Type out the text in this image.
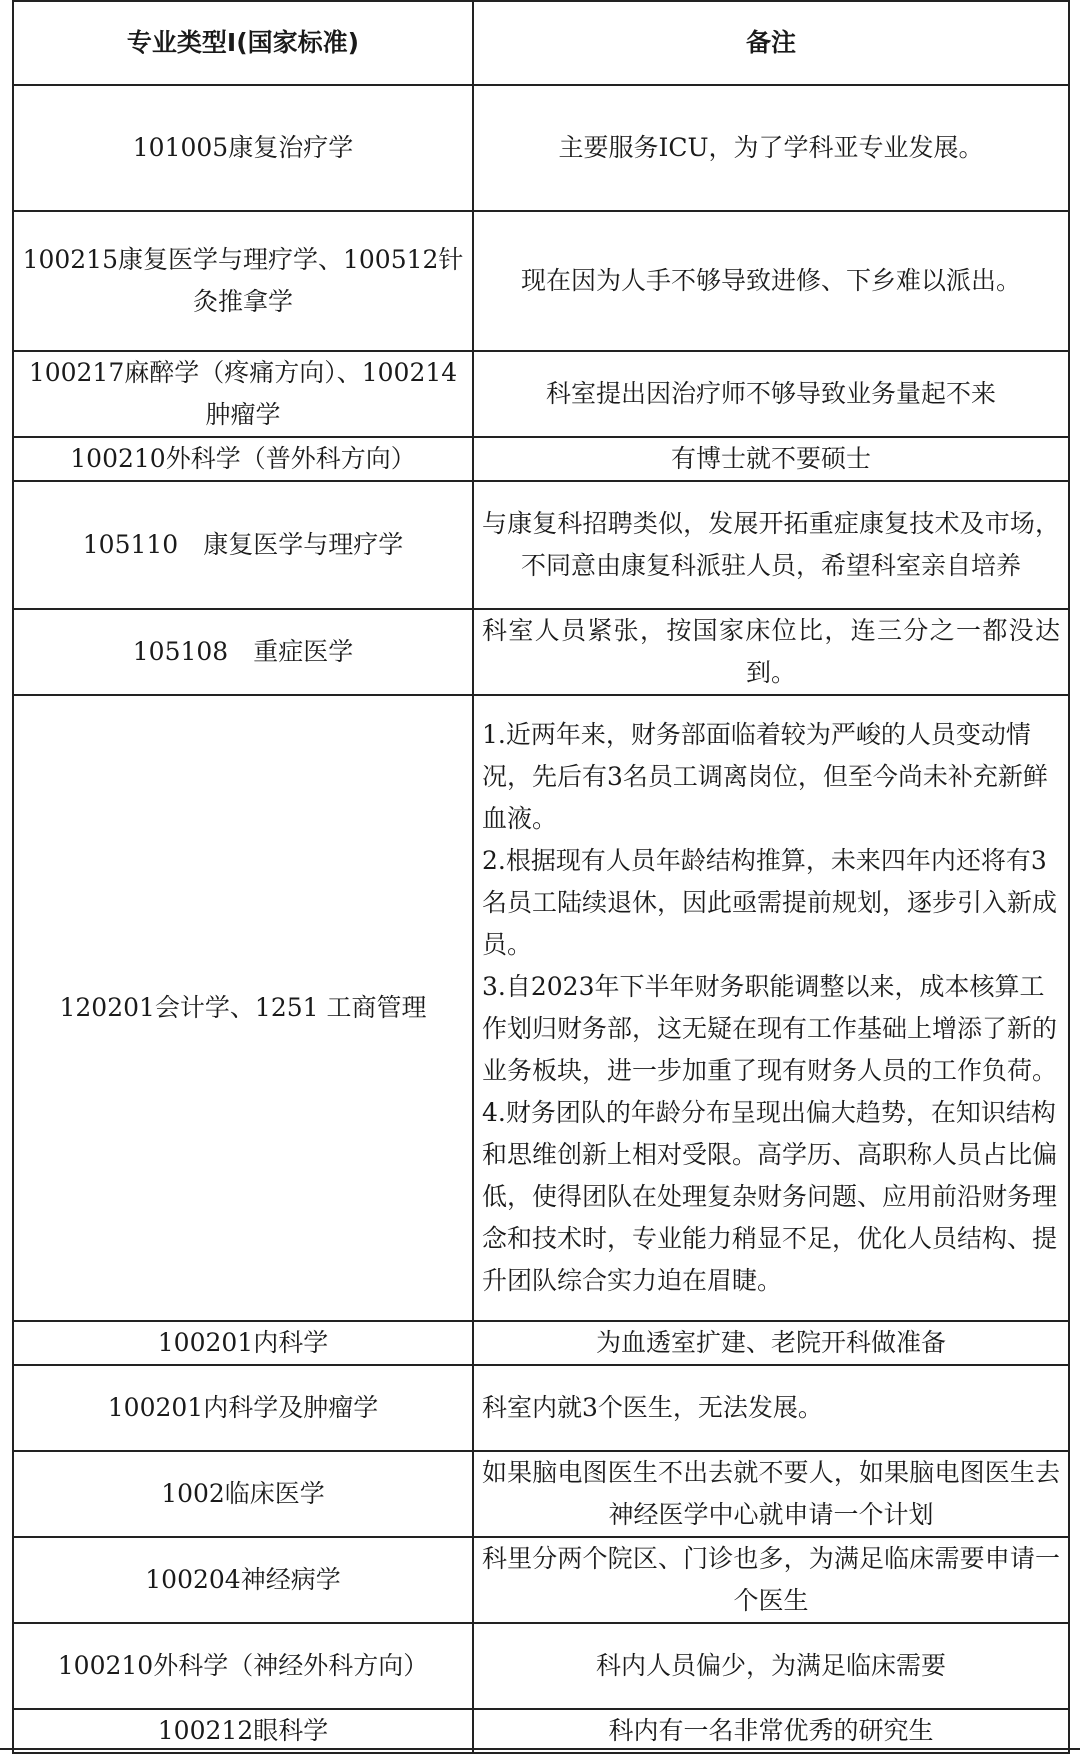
专业类型I(国家标准)	备注
101005康复治疗学	主要服务ICU，为了学科亚专业发展。
100215康复医学与理疗学、100512针灸推拿学	现在因为人手不够导致进修、下乡难以派出。
100217麻醉学（疼痛方向）、100214肿瘤学	科室提出因治疗师不够导致业务量起不来
100210外科学（普外科方向）	有博士就不要硕士
105110　康复医学与理疗学	与康复科招聘类似，发展开拓重症康复技术及市场，不同意由康复科派驻人员，希望科室亲自培养
105108　重症医学	科室人员紧张，按国家床位比，连三分之一都没达到。
120201会计学、1251 工商管理	1.近两年来，财务部面临着较为严峻的人员变动情况，先后有3名员工调离岗位，但至今尚未补充新鲜血液。
2.根据现有人员年龄结构推算，未来四年内还将有3名员工陆续退休，因此亟需提前规划，逐步引入新成员。
3.自2023年下半年财务职能调整以来，成本核算工作划归财务部，这无疑在现有工作基础上增添了新的业务板块，进一步加重了现有财务人员的工作负荷。
4.财务团队的年龄分布呈现出偏大趋势，在知识结构和思维创新上相对受限。高学历、高职称人员占比偏低，使得团队在处理复杂财务问题、应用前沿财务理念和技术时，专业能力稍显不足，优化人员结构、提升团队综合实力迫在眉睫。

100201内科学	为血透室扩建、老院开科做准备
100201内科学及肿瘤学	科室内就3个医生，无法发展。
1002临床医学	如果脑电图医生不出去就不要人，如果脑电图医生去神经医学中心就申请一个计划
100204神经病学	科里分两个院区、门诊也多，为满足临床需要申请一个医生
100210外科学（神经外科方向）	科内人员偏少，为满足临床需要
100212眼科学	科内有一名非常优秀的研究生
